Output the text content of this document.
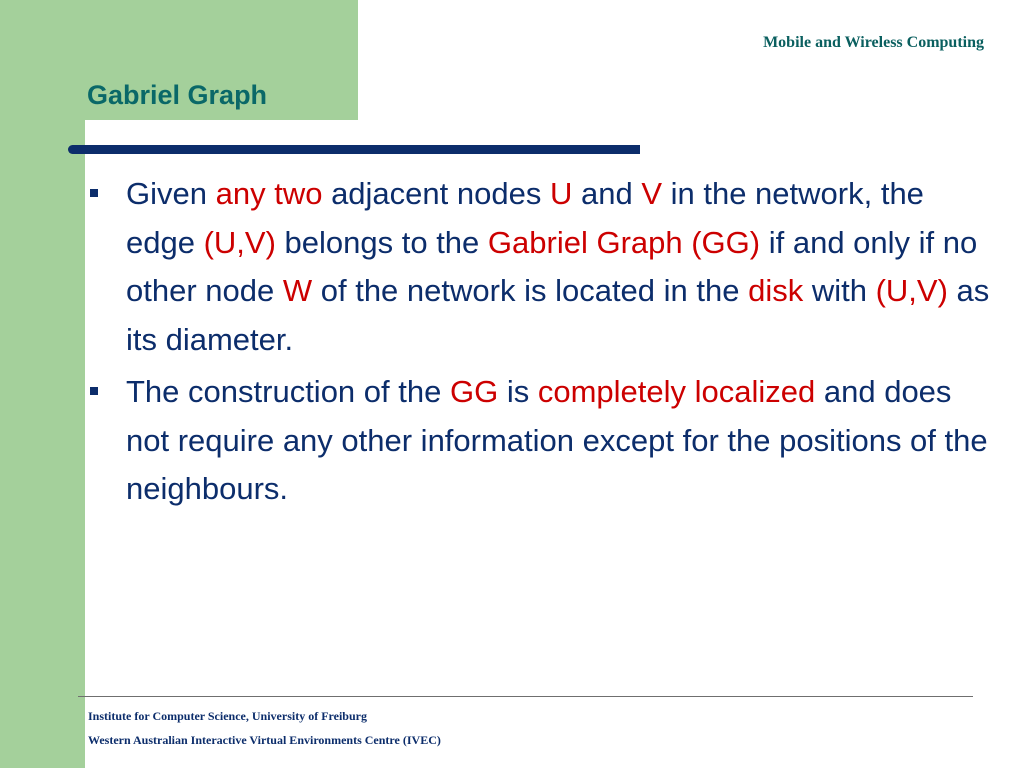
Mobile and Wireless Computing
Gabriel Graph
Given any two adjacent nodes U and V in the network, the edge (U,V) belongs to the Gabriel Graph (GG) if and only if no other node W of the network is located in the disk with (U,V) as its diameter.
The construction of the GG is completely localized and does not require any other information except for the positions of the neighbours.
Institute for Computer Science, University of Freiburg
Western Australian Interactive Virtual Environments Centre (IVEC)
